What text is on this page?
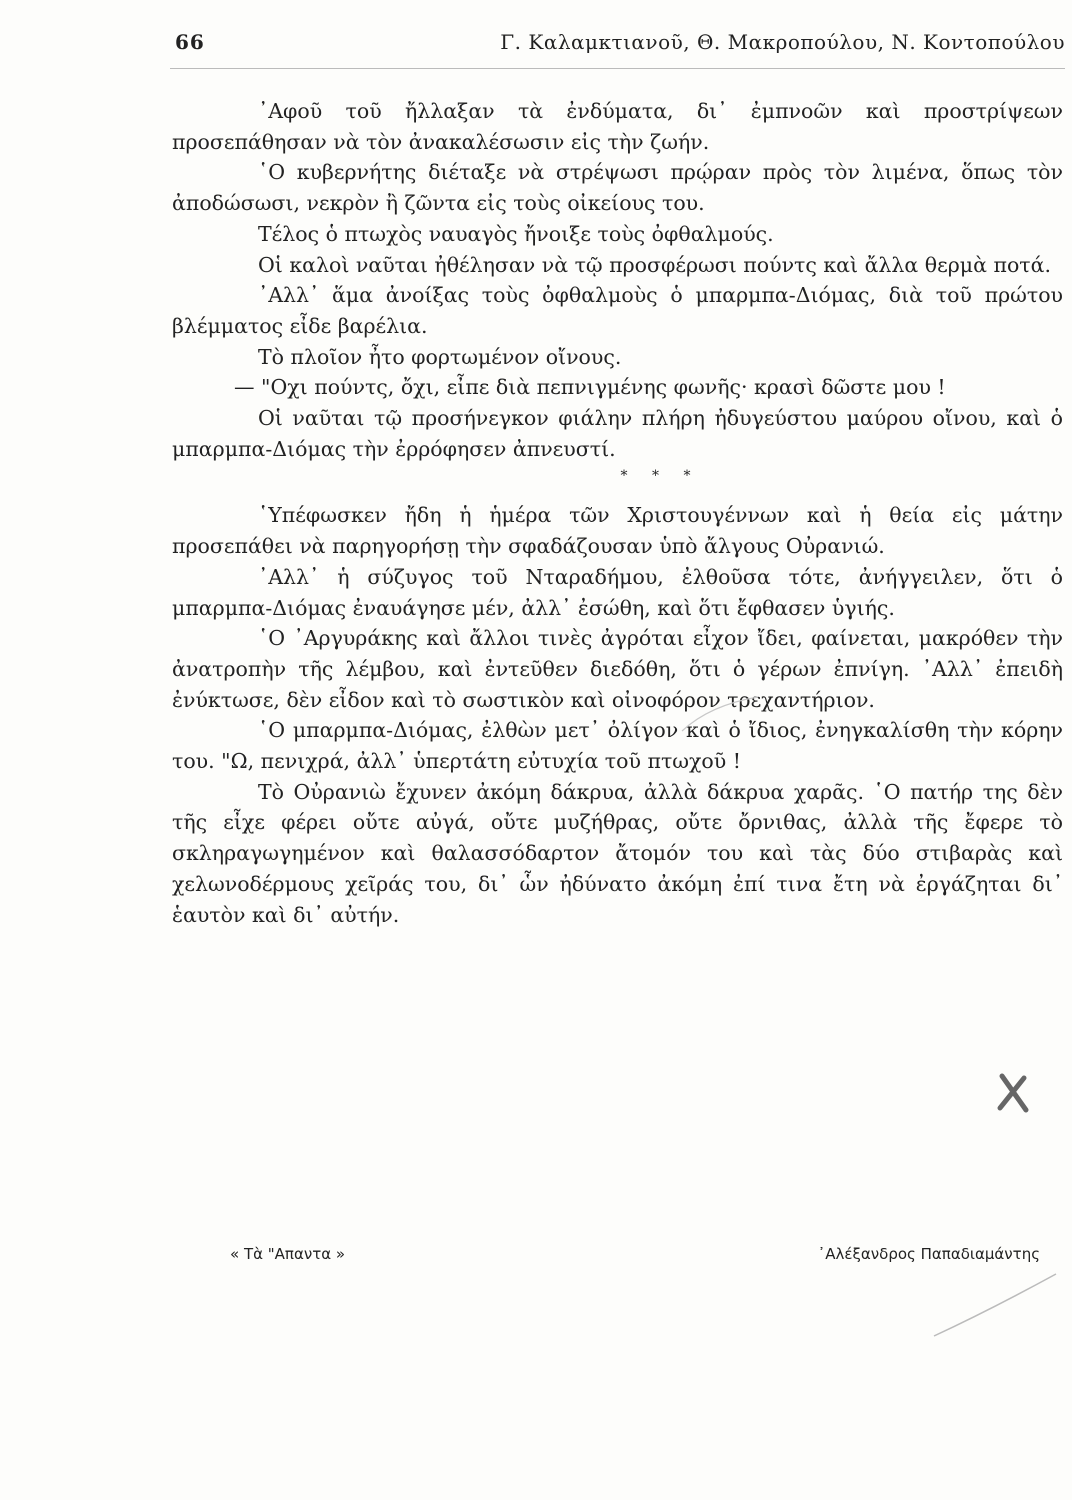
66	Γ. Καλαμκτιανοῦ, Θ. Μακροπούλου, Ν. Κοντοπούλου

᾿Αφοῦ τοῦ ἤλλαξαν τὰ ἐνδύματα, δι᾿ ἐμπνοῶν καὶ προστρίψεων προσεπάθησαν νὰ τὸν ἀνακαλέσωσιν εἰς τὴν ζωήν.

῾Ο κυβερνήτης διέταξε νὰ στρέψωσι πρῴραν πρὸς τὸν λιμένα, ὅπως τὸν ἀποδώσωσι, νεκρὸν ἢ ζῶντα εἰς τοὺς οἰκείους του.

Τέλος ὁ πτωχὸς ναυαγὸς ἤνοιξε τοὺς ὀφθαλμούς.

Οἱ καλοὶ ναῦται ἠθέλησαν νὰ τῷ προσφέρωσι πούντς καὶ ἄλλα θερμὰ ποτά.

᾿Αλλ᾿ ἅμα ἀνοίξας τοὺς ὀφθαλμοὺς ὁ μπαρμπα-Διόμας, διὰ τοῦ πρώτου βλέμματος εἶδε βαρέλια.

Τὸ πλοῖον ἦτο φορτωμένον οἴνους.

— "Οχι πούντς, ὄχι, εἶπε διὰ πεπνιγμένης φωνῆς· κρασὶ δῶστε μου !

Οἱ ναῦται τῷ προσήνεγκον φιάλην πλήρη ἠδυγεύστου μαύρου οἴνου, καὶ ὁ μπαρμπα-Διόμας τὴν ἐρρόφησεν ἀπνευστί.

* * *

῾Υπέφωσκεν ἤδη ἡ ἡμέρα τῶν Χριστουγέννων καὶ ἡ θεία εἰς μάτην προσεπάθει νὰ παρηγορήσῃ τὴν σφαδάζουσαν ὑπὸ ἄλγους Οὐρανιώ.

᾿Αλλ᾿ ἡ σύζυγος τοῦ Νταραδήμου, ἐλθοῦσα τότε, ἀνήγγειλεν, ὅτι ὁ μπαρμπα-Διόμας ἐναυάγησε μέν, ἀλλ᾿ ἐσώθη, καὶ ὅτι ἔφθασεν ὑγιής.

῾Ο ᾿Αργυράκης καὶ ἄλλοι τινὲς ἀγρόται εἶχον ἴδει, φαίνεται, μακρόθεν τὴν ἀνατροπὴν τῆς λέμβου, καὶ ἐντεῦθεν διεδόθη, ὅτι ὁ γέρων ἐπνίγη. ᾿Αλλ᾿ ἐπειδὴ ἐνύκτωσε, δὲν εἶδον καὶ τὸ σωστικὸν καὶ οἰνοφόρον τρεχαντήριον.

῾Ο μπαρμπα-Διόμας, ἐλθὼν μετ᾿ ὀλίγον καὶ ὁ ἴδιος, ἐνηγκαλίσθη τὴν κόρην του. "Ω, πενιχρά, ἀλλ᾿ ὑπερτάτη εὐτυχία τοῦ πτωχοῦ !

Τὸ Οὐρανιὼ ἔχυνεν ἀκόμη δάκρυα, ἀλλὰ δάκρυα χαρᾶς. ῾Ο πατήρ της δὲν τῆς εἶχε φέρει οὔτε αὐγά, οὔτε μυζήθρας, οὔτε ὄρνιθας, ἀλλὰ τῆς ἔφερε τὸ σκληραγωγημένον καὶ θαλασσόδαρτον ἄτομόν του καὶ τὰς δύο στιβαρὰς καὶ χελωνοδέρμους χεῖράς του, δι᾿ ὧν ἠδύνατο ἀκόμη ἐπί τινα ἔτη νὰ ἐργάζηται δι᾿ ἑαυτὸν καὶ δι᾿ αὐτήν.

« Τὰ "Απαντα »	᾿Αλέξανδρος Παπαδιαμάντης
